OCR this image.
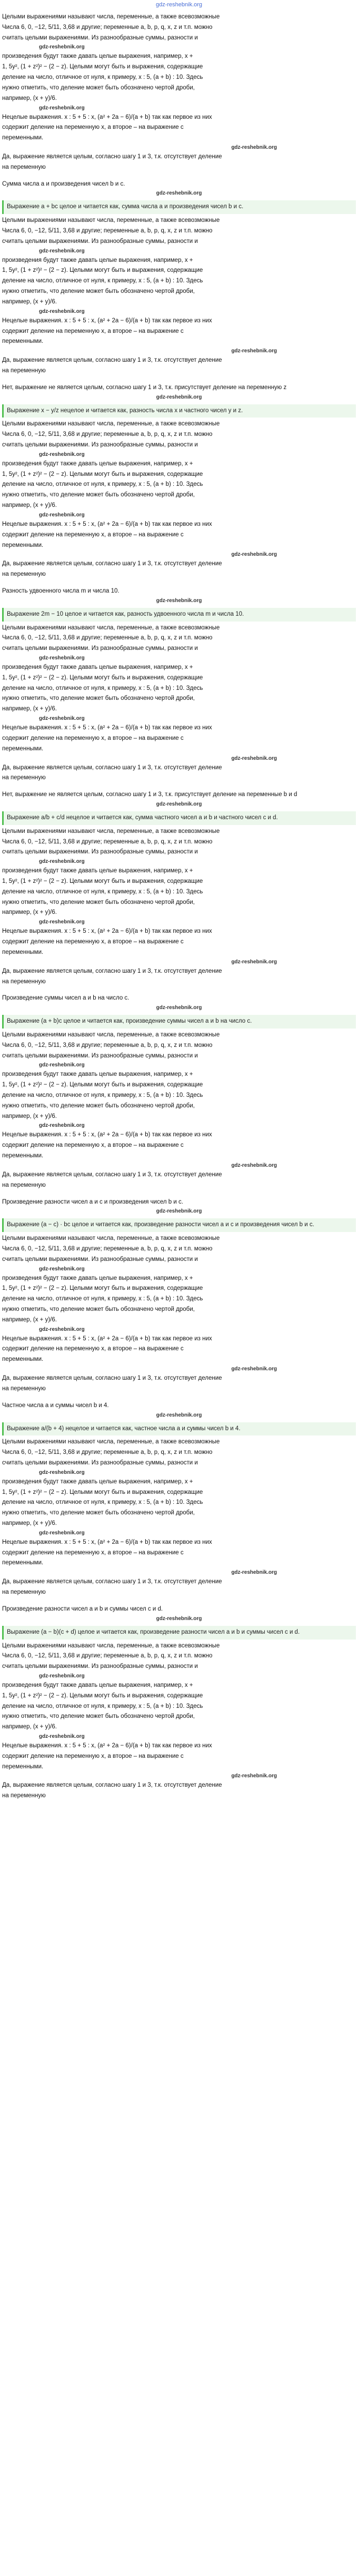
gdz-reshebnik.org

Целыми выражениями называют числа, переменные, а также всевозможные

Числа 6, 0, −12, 5/11, 3,68 и другие; переменные a, b, p, q, x, z и т.п. можно

считать целыми выражениями. Из разнообразные суммы, разности и

gdz-reshebnik.org

произведения будут также давать целые выражения, например, x +

1, 5y², (1 + z²)² − (2 − z). Целыми могут быть и выражения, содержащие

деление на число, отличное от нуля, к примеру, x : 5, (a + b) : 10. Здесь

нужно отметить, что деление может быть обозначено чертой дроби,

например, (x + y)/6.

gdz-reshebnik.org

Нецелые выражения. x : 5 + 5 : x, (a² + 2a − 6)/(a + b) так как первое из них

содержит деление на переменную x, а второе – на выражение с

переменными.

gdz-reshebnik.org

Да, выражение является целым, согласно шагу 1 и 3, т.к. отсутствует деление

на переменную

Сумма числа a и произведения чисел b и c.

gdz-reshebnik.org
Выражение a + bc целое и читается как, сумма числа a и произведения чисел b и c.

Целыми выражениями называют числа, переменные, а также всевозможные

Числа 6, 0, −12, 5/11, 3,68 и другие; переменные a, b, p, q, x, z и т.п. можно

считать целыми выражениями. Из разнообразные суммы, разности и

gdz-reshebnik.org

произведения будут также давать целые выражения, например, x +

1, 5y², (1 + z²)² − (2 − z). Целыми могут быть и выражения, содержащие

деление на число, отличное от нуля, к примеру, x : 5, (a + b) : 10. Здесь

нужно отметить, что деление может быть обозначено чертой дроби,

например, (x + y)/6.

gdz-reshebnik.org

Нецелые выражения. x : 5 + 5 : x, (a² + 2a − 6)/(a + b) так как первое из них

содержит деление на переменную x, а второе – на выражение с

переменными.

gdz-reshebnik.org

Да, выражение является целым, согласно шагу 1 и 3, т.к. отсутствует деление

на переменную

Нет, выражение не является целым, согласно шагу 1 и 3, т.к. присутствует деление на переменную z

gdz-reshebnik.org
Выражение x − y/z нецелое и читается как, разность числа x и частного чисел y и z.

Целыми выражениями называют числа, переменные, а также всевозможные

Числа 6, 0, −12, 5/11, 3,68 и другие; переменные a, b, p, q, x, z и т.п. можно

считать целыми выражениями. Из разнообразные суммы, разности и

gdz-reshebnik.org

произведения будут также давать целые выражения, например, x +

1, 5y², (1 + z²)² − (2 − z). Целыми могут быть и выражения, содержащие

деление на число, отличное от нуля, к примеру, x : 5, (a + b) : 10. Здесь

нужно отметить, что деление может быть обозначено чертой дроби,

например, (x + y)/6.

gdz-reshebnik.org

Нецелые выражения. x : 5 + 5 : x, (a² + 2a − 6)/(a + b) так как первое из них

содержит деление на переменную x, а второе – на выражение с

переменными.

gdz-reshebnik.org

Да, выражение является целым, согласно шагу 1 и 3, т.к. отсутствует деление

на переменную

Разность удвоенного числа m и числа 10.

gdz-reshebnik.org
Выражение 2m − 10 целое и читается как, разность удвоенного числа m и числа 10.

Целыми выражениями называют числа, переменные, а также всевозможные

Числа 6, 0, −12, 5/11, 3,68 и другие; переменные a, b, p, q, x, z и т.п. можно

считать целыми выражениями. Из разнообразные суммы, разности и

gdz-reshebnik.org

произведения будут также давать целые выражения, например, x +

1, 5y², (1 + z²)² − (2 − z). Целыми могут быть и выражения, содержащие

деление на число, отличное от нуля, к примеру, x : 5, (a + b) : 10. Здесь

нужно отметить, что деление может быть обозначено чертой дроби,

например, (x + y)/6.

gdz-reshebnik.org

Нецелые выражения. x : 5 + 5 : x, (a² + 2a − 6)/(a + b) так как первое из них

содержит деление на переменную x, а второе – на выражение с

переменными.

gdz-reshebnik.org

Да, выражение является целым, согласно шагу 1 и 3, т.к. отсутствует деление

на переменную

Нет, выражение не является целым, согласно шагу 1 и 3, т.к. присутствует деление на переменные b и d

gdz-reshebnik.org
Выражение a/b + c/d нецелое и читается как, сумма частного чисел a и b и частного чисел c и d.

Целыми выражениями называют числа, переменные, а также всевозможные

Числа 6, 0, −12, 5/11, 3,68 и другие; переменные a, b, p, q, x, z и т.п. можно

считать целыми выражениями. Из разнообразные суммы, разности и

gdz-reshebnik.org

произведения будут также давать целые выражения, например, x +

1, 5y², (1 + z²)² − (2 − z). Целыми могут быть и выражения, содержащие

деление на число, отличное от нуля, к примеру, x : 5, (a + b) : 10. Здесь

нужно отметить, что деление может быть обозначено чертой дроби,

например, (x + y)/6.

gdz-reshebnik.org

Нецелые выражения. x : 5 + 5 : x, (a² + 2a − 6)/(a + b) так как первое из них

содержит деление на переменную x, а второе – на выражение с

переменными.

gdz-reshebnik.org

Да, выражение является целым, согласно шагу 1 и 3, т.к. отсутствует деление

на переменную

Произведение суммы чисел a и b на число c.

gdz-reshebnik.org
Выражение (a + b)c целое и читается как, произведение суммы чисел a и b на число c.

Целыми выражениями называют числа, переменные, а также всевозможные

Числа 6, 0, −12, 5/11, 3,68 и другие; переменные a, b, p, q, x, z и т.п. можно

считать целыми выражениями. Из разнообразные суммы, разности и

gdz-reshebnik.org

произведения будут также давать целые выражения, например, x +

1, 5y², (1 + z²)² − (2 − z). Целыми могут быть и выражения, содержащие

деление на число, отличное от нуля, к примеру, x : 5, (a + b) : 10. Здесь

нужно отметить, что деление может быть обозначено чертой дроби,

например, (x + y)/6.

gdz-reshebnik.org

Нецелые выражения. x : 5 + 5 : x, (a² + 2a − 6)/(a + b) так как первое из них

содержит деление на переменную x, а второе – на выражение с

переменными.

gdz-reshebnik.org

Да, выражение является целым, согласно шагу 1 и 3, т.к. отсутствует деление

на переменную

Произведение разности чисел a и c и произведения чисел b и c.

gdz-reshebnik.org
Выражение (a − c) · bc целое и читается как, произведение разности чисел a и c и произведения чисел b и c.

Целыми выражениями называют числа, переменные, а также всевозможные

Числа 6, 0, −12, 5/11, 3,68 и другие; переменные a, b, p, q, x, z и т.п. можно

считать целыми выражениями. Из разнообразные суммы, разности и

gdz-reshebnik.org

произведения будут также давать целые выражения, например, x +

1, 5y², (1 + z²)² − (2 − z). Целыми могут быть и выражения, содержащие

деление на число, отличное от нуля, к примеру, x : 5, (a + b) : 10. Здесь

нужно отметить, что деление может быть обозначено чертой дроби,

например, (x + y)/6.

gdz-reshebnik.org

Нецелые выражения. x : 5 + 5 : x, (a² + 2a − 6)/(a + b) так как первое из них

содержит деление на переменную x, а второе – на выражение с

переменными.

gdz-reshebnik.org

Да, выражение является целым, согласно шагу 1 и 3, т.к. отсутствует деление

на переменную

Частное числа a и суммы чисел b и 4.

gdz-reshebnik.org
Выражение a/(b + 4) нецелое и читается как, частное числа a и суммы чисел b и 4.

Целыми выражениями называют числа, переменные, а также всевозможные

Числа 6, 0, −12, 5/11, 3,68 и другие; переменные a, b, p, q, x, z и т.п. можно

считать целыми выражениями. Из разнообразные суммы, разности и

gdz-reshebnik.org

произведения будут также давать целые выражения, например, x +

1, 5y², (1 + z²)² − (2 − z). Целыми могут быть и выражения, содержащие

деление на число, отличное от нуля, к примеру, x : 5, (a + b) : 10. Здесь

нужно отметить, что деление может быть обозначено чертой дроби,

например, (x + y)/6.

gdz-reshebnik.org

Нецелые выражения. x : 5 + 5 : x, (a² + 2a − 6)/(a + b) так как первое из них

содержит деление на переменную x, а второе – на выражение с

переменными.

gdz-reshebnik.org

Да, выражение является целым, согласно шагу 1 и 3, т.к. отсутствует деление

на переменную

Произведение разности чисел a и b и суммы чисел c и d.

gdz-reshebnik.org
Выражение (a − b)(c + d) целое и читается как, произведение разности чисел a и b и суммы чисел c и d.

Целыми выражениями называют числа, переменные, а также всевозможные

Числа 6, 0, −12, 5/11, 3,68 и другие; переменные a, b, p, q, x, z и т.п. можно

считать целыми выражениями. Из разнообразные суммы, разности и

gdz-reshebnik.org

произведения будут также давать целые выражения, например, x +

1, 5y², (1 + z²)² − (2 − z). Целыми могут быть и выражения, содержащие

деление на число, отличное от нуля, к примеру, x : 5, (a + b) : 10. Здесь

нужно отметить, что деление может быть обозначено чертой дроби,

например, (x + y)/6.

gdz-reshebnik.org

Нецелые выражения. x : 5 + 5 : x, (a² + 2a − 6)/(a + b) так как первое из них

содержит деление на переменную x, а второе – на выражение с

переменными.

gdz-reshebnik.org

Да, выражение является целым, согласно шагу 1 и 3, т.к. отсутствует деление

на переменную
